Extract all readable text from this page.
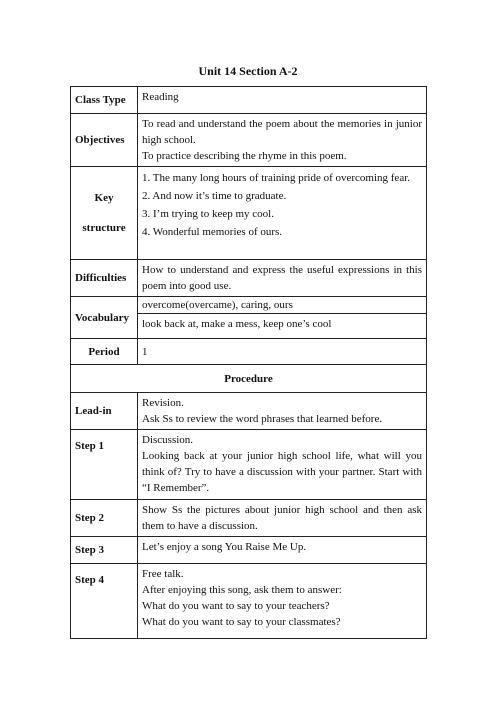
Unit 14 Section A-2
Class Type	Reading
Objectives	To read and understand the poem about the memories in junior high school.
To practice describing the rhyme in this poem.

Key
structure	1. The many long hours of training pride of overcoming fear.
2. And now it’s time to graduate.
3. I’m trying to keep my cool.
4. Wonderful memories of ours.

Difficulties	How to understand and express the useful expressions in this poem into good use.
Vocabulary	overcome(overcame), caring, ours
	look back at, make a mess, keep one’s cool
Period	1
Procedure	
Lead-in	Revision.
Ask Ss to review the word phrases that learned before.

Step 1	Discussion.
Looking back at your junior high school life, what will you think of? Try to have a discussion with your partner. Start with “I Remember”.

Step 2	Show Ss the pictures about junior high school and then ask them to have a discussion.
Step 3	Let’s enjoy a song You Raise Me Up.
Step 4	Free talk.
After enjoying this song, ask them to answer:
What do you want to say to your teachers?
What do you want to say to your classmates?
